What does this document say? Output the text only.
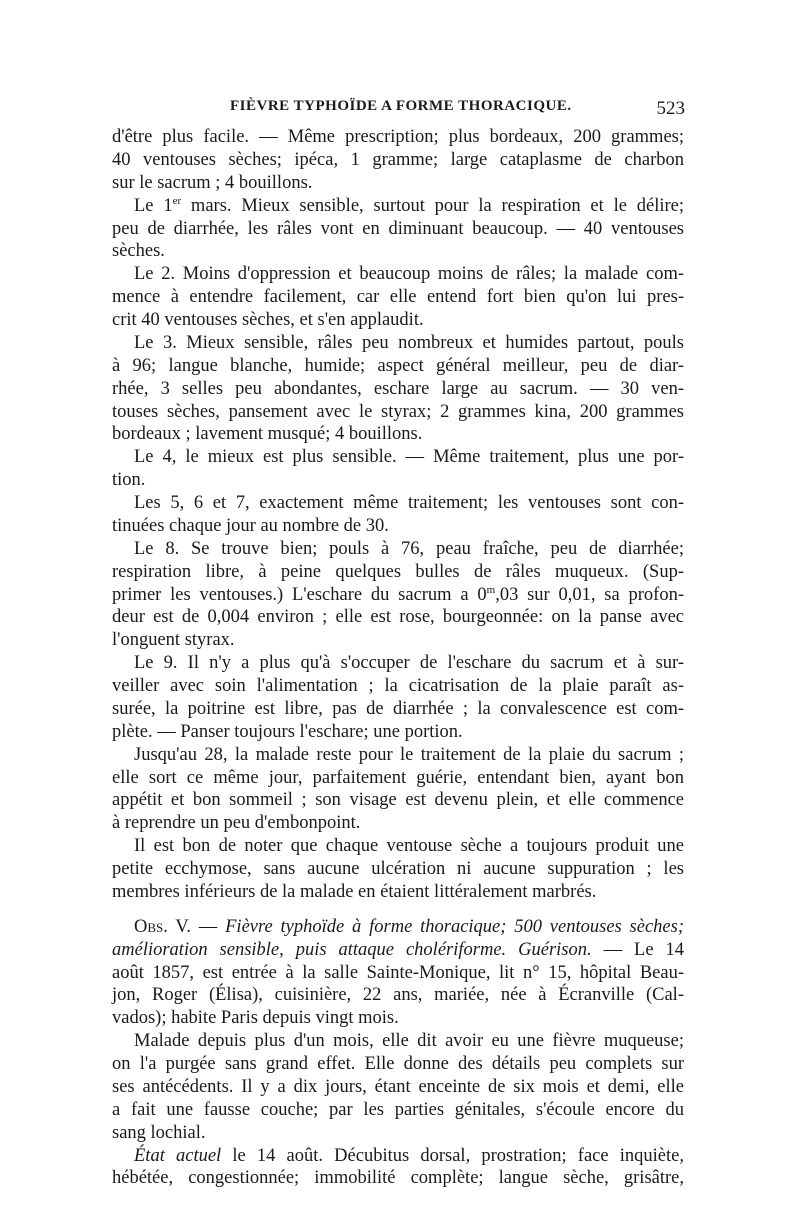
FIÈVRE TYPHOÏDE A FORME THORACIQUE.	523
d'être plus facile. — Même prescription; plus bordeaux, 200 grammes;
40 ventouses sèches; ipéca, 1 gramme; large cataplasme de charbon
sur le sacrum ; 4 bouillons.
Le 1er mars. Mieux sensible, surtout pour la respiration et le délire;
peu de diarrhée, les râles vont en diminuant beaucoup. — 40 ventouses
sèches.
Le 2. Moins d'oppression et beaucoup moins de râles; la malade com-
mence à entendre facilement, car elle entend fort bien qu'on lui pres-
crit 40 ventouses sèches, et s'en applaudit.
Le 3. Mieux sensible, râles peu nombreux et humides partout, pouls
à 96; langue blanche, humide; aspect général meilleur, peu de diar-
rhée, 3 selles peu abondantes, eschare large au sacrum. — 30 ven-
touses sèches, pansement avec le styrax; 2 grammes kina, 200 grammes
bordeaux ; lavement musqué; 4 bouillons.
Le 4, le mieux est plus sensible. — Même traitement, plus une por-
tion.
Les 5, 6 et 7, exactement même traitement; les ventouses sont con-
tinuées chaque jour au nombre de 30.
Le 8. Se trouve bien; pouls à 76, peau fraîche, peu de diarrhée;
respiration libre, à peine quelques bulles de râles muqueux. (Sup-
primer les ventouses.) L'eschare du sacrum a 0$^m$,03 sur 0,01, sa profon-
deur est de 0,004 environ ; elle est rose, bourgeonnée: on la panse avec
l'onguent styrax.
Le 9. Il n'y a plus qu'à s'occuper de l'eschare du sacrum et à sur-
veiller avec soin l'alimentation ; la cicatrisation de la plaie paraît as-
surée, la poitrine est libre, pas de diarrhée ; la convalescence est com-
plète. — Panser toujours l'eschare; une portion.
Jusqu'au 28, la malade reste pour le traitement de la plaie du sacrum ;
elle sort ce même jour, parfaitement guérie, entendant bien, ayant bon
appétit et bon sommeil ; son visage est devenu plein, et elle commence
à reprendre un peu d'embonpoint.
Il est bon de noter que chaque ventouse sèche a toujours produit une
petite ecchymose, sans aucune ulcération ni aucune suppuration ; les
membres inférieurs de la malade en étaient littéralement marbrés.
Obs. V. — Fièvre typhoïde à forme thoracique; 500 ventouses sèches;
amélioration sensible, puis attaque cholériforme. Guérison. — Le 14
août 1857, est entrée à la salle Sainte-Monique, lit n° 15, hôpital Beau-
jon, Roger (Élisa), cuisinière, 22 ans, mariée, née à Écranville (Cal-
vados); habite Paris depuis vingt mois.
Malade depuis plus d'un mois, elle dit avoir eu une fièvre muqueuse;
on l'a purgée sans grand effet. Elle donne des détails peu complets sur
ses antécédents. Il y a dix jours, étant enceinte de six mois et demi, elle
a fait une fausse couche; par les parties génitales, s'écoule encore du
sang lochial.
État actuel le 14 août. Décubitus dorsal, prostration; face inquiète,
hébétée, congestionnée; immobilité complète; langue sèche, grisâtre,
